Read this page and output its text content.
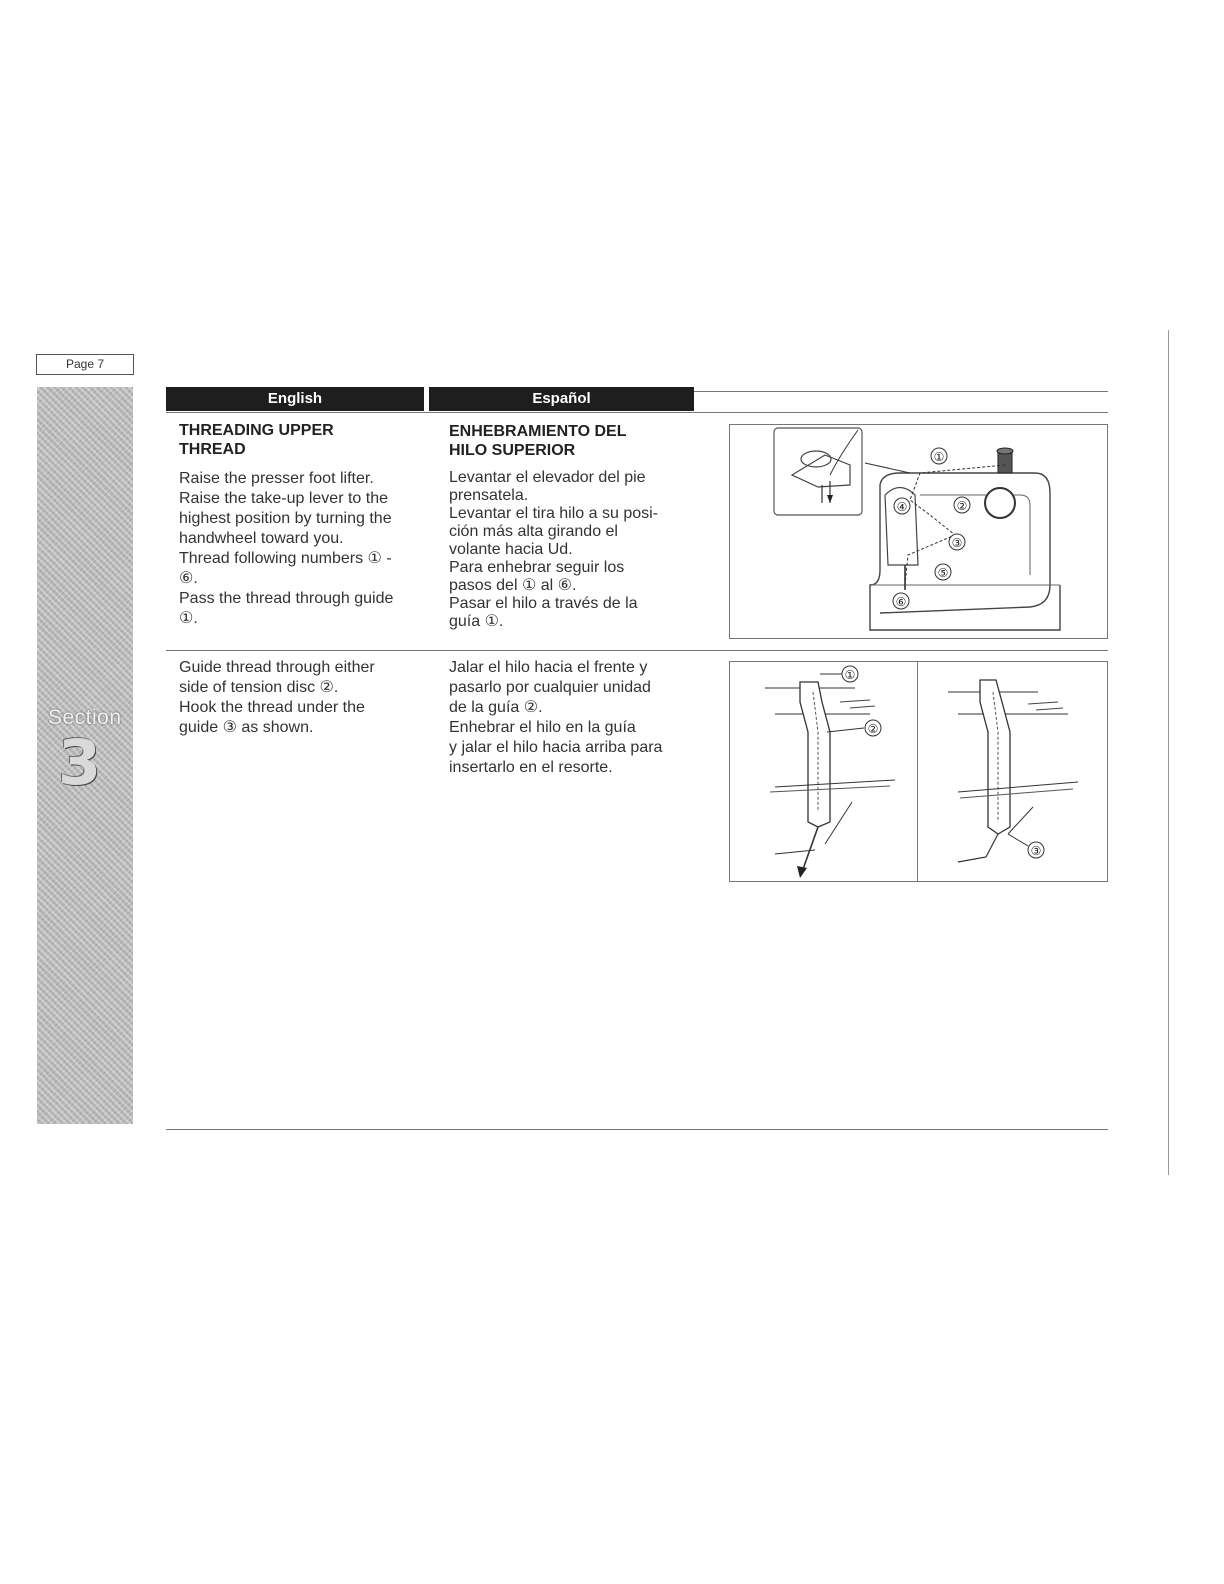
Page 7
Section
3
English	Español
THREADING UPPER
THREAD

Raise the presser foot lifter.

Raise the take-up lever to the

highest position by turning the

handwheel toward you.

Thread following numbers ① -

⑥.

Pass the thread through guide

①.

ENHEBRAMIENTO DEL
HILO SUPERIOR

Levantar el elevador del pie

prensatela.

Levantar el tira hilo a su posi-

ción más alta girando el

volante hacia Ud.

Para enhebrar seguir los

pasos del ① al ⑥.

Pasar el hilo a través de la

guía ①.

Guide thread through either

side of tension disc ②.

Hook the thread under the

guide ③ as shown.

Jalar el hilo hacia el frente y

pasarlo por cualquier unidad

de la guía ②.

Enhebrar el hilo en la guía

y jalar el hilo hacia arriba para

insertarlo en el resorte.

①
②
③
④
⑤
⑥
①
②
③
